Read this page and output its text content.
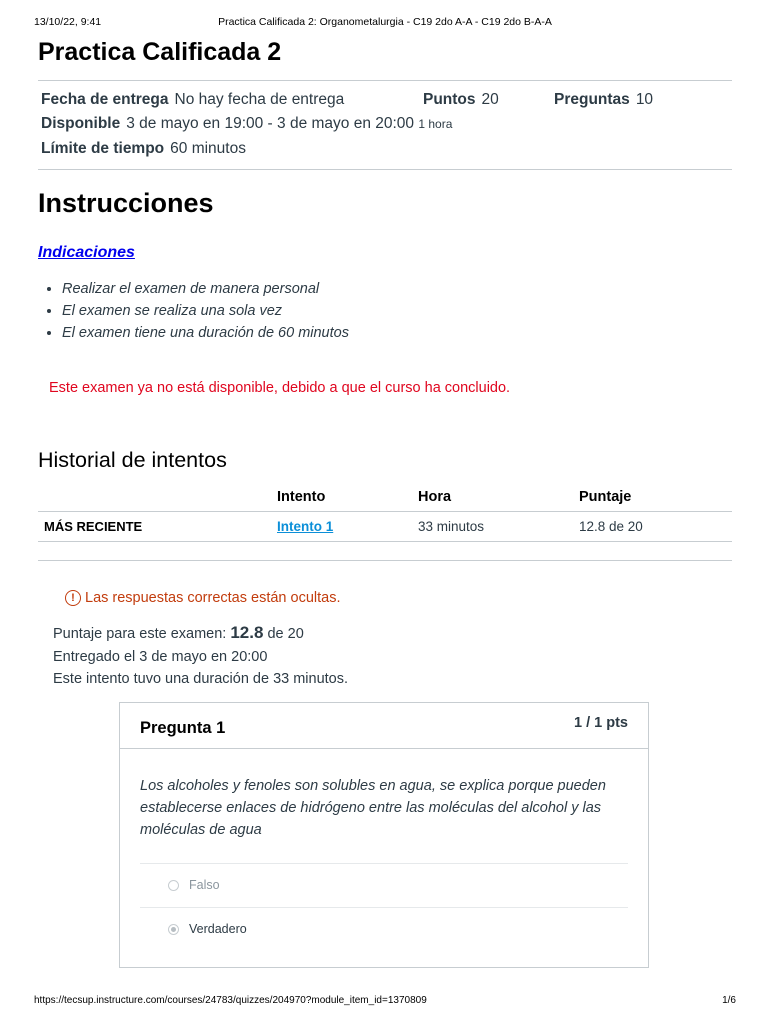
13/10/22, 9:41	Practica Calificada 2: Organometalurgia - C19 2do A-A - C19 2do B-A-A
Practica Calificada 2
Fecha de entrega No hay fecha de entrega	Puntos 20	Preguntas 10
Disponible 3 de mayo en 19:00 - 3 de mayo en 20:00 1 hora
Límite de tiempo 60 minutos
Instrucciones
Indicaciones
• Realizar el examen de manera personal
• El examen se realiza una sola vez
• El examen tiene una duración de 60 minutos
Este examen ya no está disponible, debido a que el curso ha concluido.
Historial de intentos
	Intento	Hora	Puntaje
MÁS RECIENTE	Intento 1	33 minutos	12.8 de 20
! Las respuestas correctas están ocultas.
Puntaje para este examen: 12.8 de 20
Entregado el 3 de mayo en 20:00
Este intento tuvo una duración de 33 minutos.
Pregunta 1	1 / 1 pts
Los alcoholes y fenoles son solubles en agua, se explica porque pueden establecerse enlaces de hidrógeno entre las moléculas del alcohol y las moléculas de agua
Falso
Verdadero
https://tecsup.instructure.com/courses/24783/quizzes/204970?module_item_id=1370809	1/6
